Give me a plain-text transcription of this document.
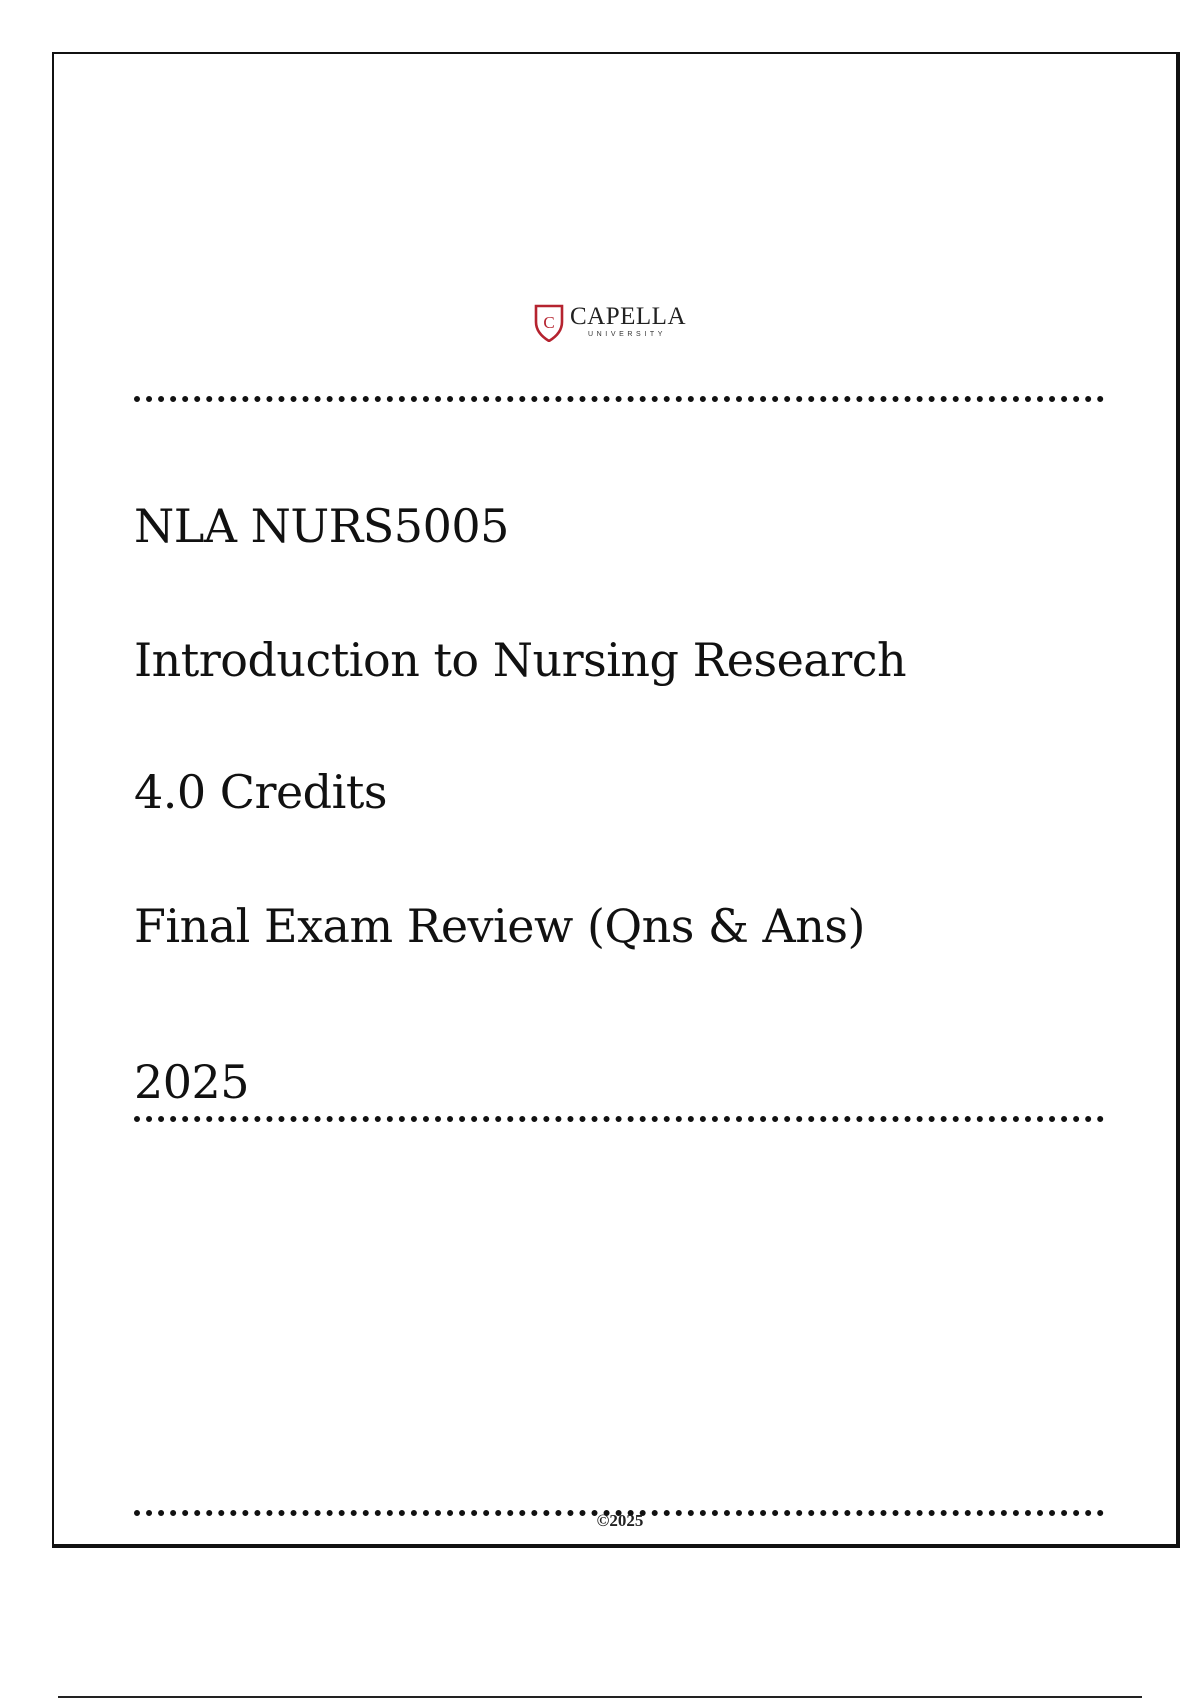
C CAPELLA
UNIVERSITY
NLA NURS5005
Introduction to Nursing Research

4.0 Credits

Final Exam Review (Qns & Ans)

2025

©2025
